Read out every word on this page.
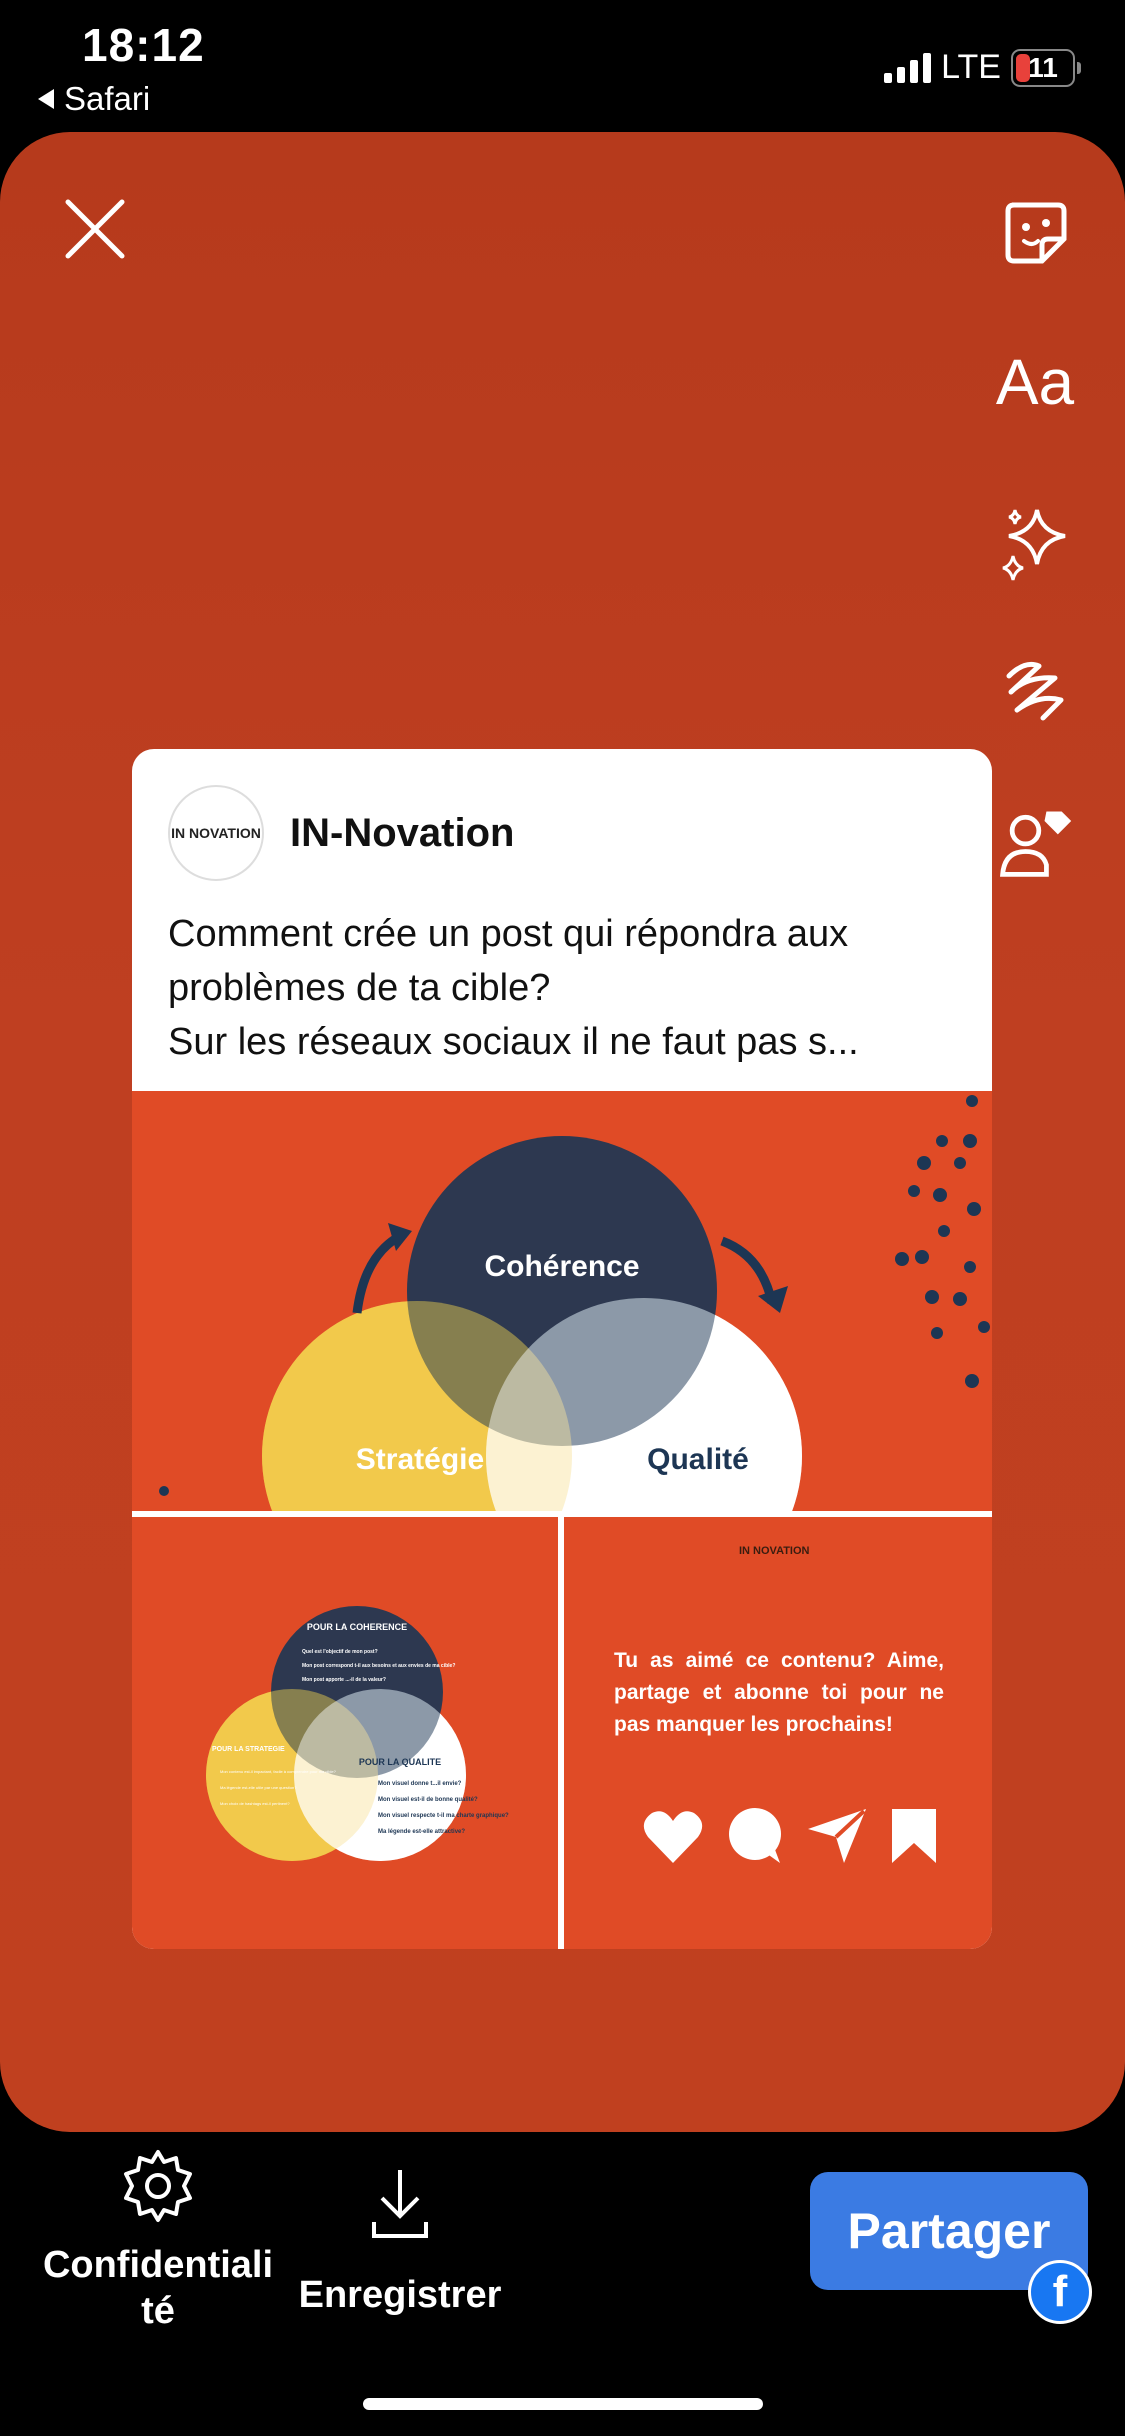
18:12
Safari
LTE 11
Aa
IN NOVATION IN-Novation
Comment crée un post qui répondra aux
problèmes de ta cible?
Sur les réseaux sociaux il ne faut pas s...
Cohérence
Stratégie	Qualité
POUR LA COHERENCE
Quel est l'objectif de mon post?
Mon post correspond t-il aux besoins et aux envies de ma cible?
Mon post apporte ...-il de la valeur?
POUR LA STRATEGIE
Mon contenu est-il impactant, facile à comprendre pour ma cible?
Ma légende est-elle utile par une question?
Mon choix de hashtags est-il pertinent?
POUR LA QUALITE
Mon visuel donne t...il envie?
Mon visuel est-il de bonne qualité?
Mon visuel respecte t-il ma charte graphique?
Ma légende est-elle attractive?
IN NOVATION
Tu as aimé ce contenu? Aime, partage et abonne toi pour ne pas manquer les prochains!
Confidentiali
té	Enregistrer
Partager
f
